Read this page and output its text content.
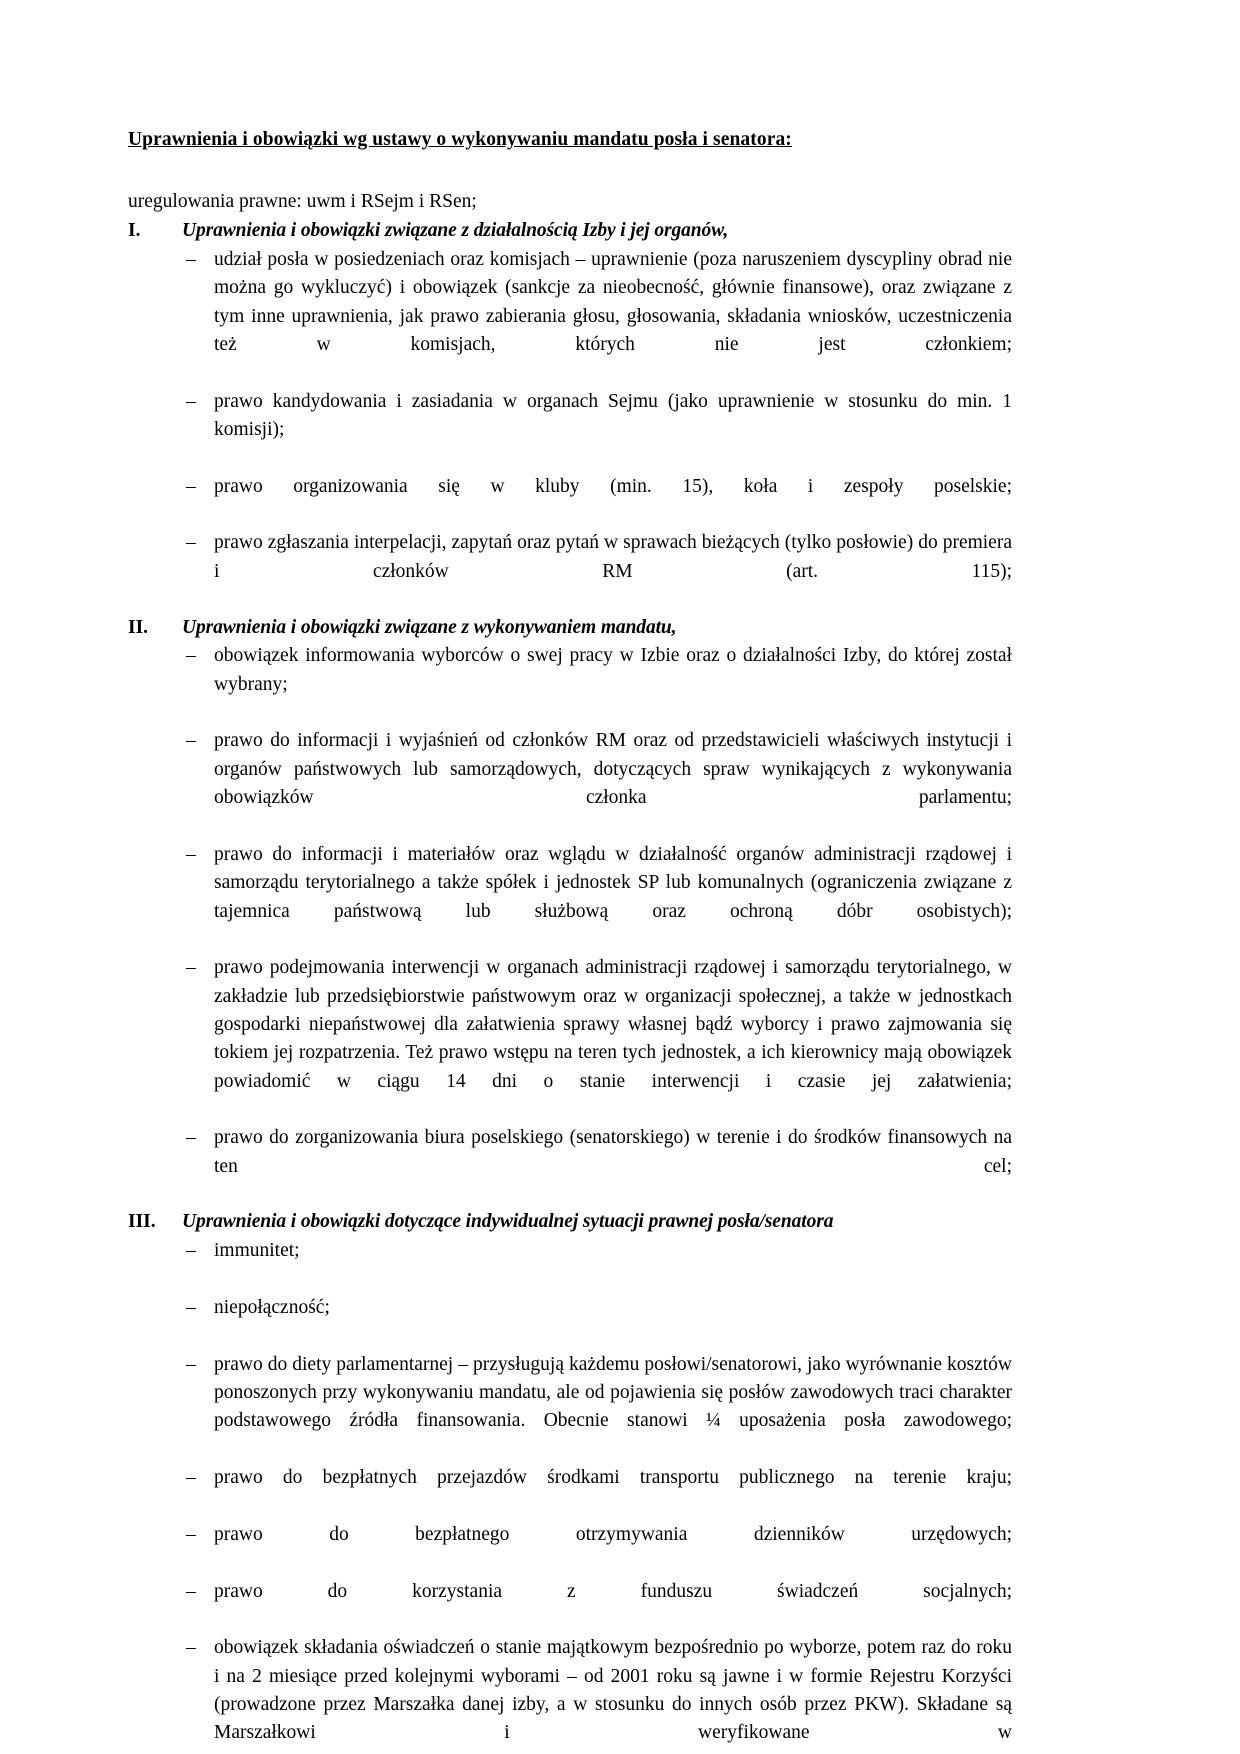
Uprawnienia i obowiązki wg ustawy o wykonywaniu mandatu posła i senatora:

uregulowania prawne: uwm i RSejm i RSen;

I.	Uprawnienia i obowiązki związane z działalnością Izby i jej organów,
– udział posła w posiedzeniach oraz komisjach – uprawnienie (poza naruszeniem dyscypliny obrad nie można go wykluczyć) i obowiązek (sankcje za nieobecność, głównie finansowe), oraz związane z tym inne uprawnienia, jak prawo zabierania głosu, głosowania, składania wniosków, uczestniczenia też w komisjach, których nie jest członkiem;
– prawo kandydowania i zasiadania w organach Sejmu (jako uprawnienie w stosunku do min. 1 komisji);
– prawo organizowania się w kluby (min. 15), koła i zespoły poselskie;
– prawo zgłaszania interpelacji, zapytań oraz pytań w sprawach bieżących (tylko posłowie) do premiera i członków RM (art. 115);
II.	Uprawnienia i obowiązki związane z wykonywaniem mandatu,
– obowiązek informowania wyborców o swej pracy w Izbie oraz o działalności Izby, do której został wybrany;
– prawo do informacji i wyjaśnień od członków RM oraz od przedstawicieli właściwych instytucji i organów państwowych lub samorządowych, dotyczących spraw wynikających z wykonywania obowiązków członka parlamentu;
– prawo do informacji i materiałów oraz wglądu w działalność organów administracji rządowej i samorządu terytorialnego a także spółek i jednostek SP lub komunalnych (ograniczenia związane z tajemnica państwową lub służbową oraz ochroną dóbr osobistych);
– prawo podejmowania interwencji w organach administracji rządowej i samorządu terytorialnego, w zakładzie lub przedsiębiorstwie państwowym oraz w organizacji społecznej, a także w jednostkach gospodarki niepaństwowej dla załatwienia sprawy własnej bądź wyborcy i prawo zajmowania się tokiem jej rozpatrzenia. Też prawo wstępu na teren tych jednostek, a ich kierownicy mają obowiązek powiadomić w ciągu 14 dni o stanie interwencji i czasie jej załatwienia;
– prawo do zorganizowania biura poselskiego (senatorskiego) w terenie i do środków finansowych na ten cel;
III.	Uprawnienia i obowiązki dotyczące indywidualnej sytuacji prawnej posła/senatora
– immunitet;
– niepołączność;
– prawo do diety parlamentarnej – przysługują każdemu posłowi/senatorowi, jako wyrównanie kosztów ponoszonych przy wykonywaniu mandatu, ale od pojawienia się posłów zawodowych traci charakter podstawowego źródła finansowania. Obecnie stanowi ¼ uposażenia posła zawodowego;
– prawo do bezpłatnych przejazdów środkami transportu publicznego na terenie kraju;
– prawo do bezpłatnego otrzymywania dzienników urzędowych;
– prawo do korzystania z funduszu świadczeń socjalnych;
– obowiązek składania oświadczeń o stanie majątkowym bezpośrednio po wyborze, potem raz do roku i na 2 miesiące przed kolejnymi wyborami – od 2001 roku są jawne i w formie Rejestru Korzyści (prowadzone przez Marszałka danej izby, a w stosunku do innych osób przez PKW). Składane są Marszałkowi i weryfikowane w
